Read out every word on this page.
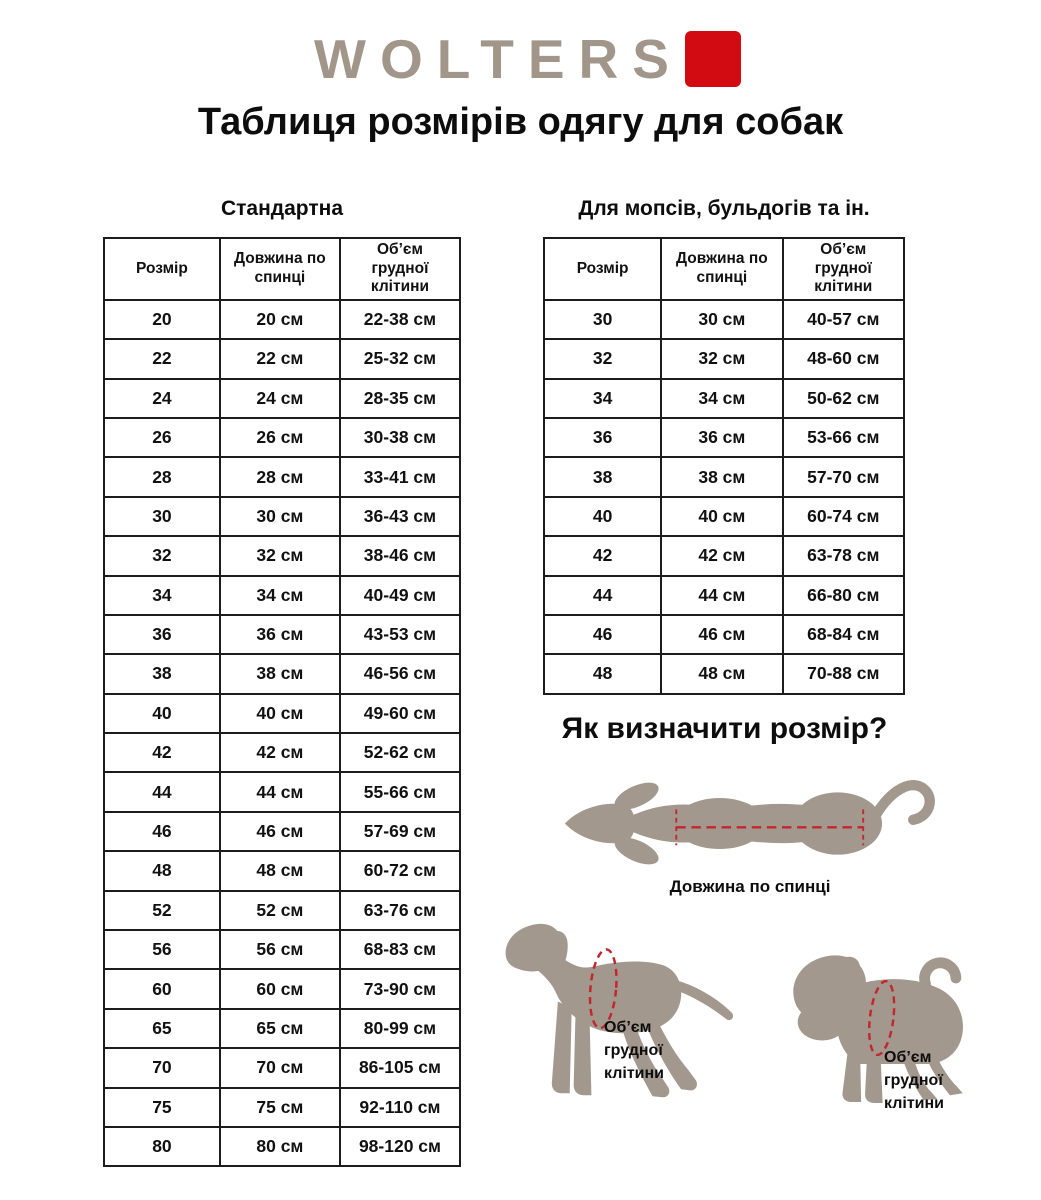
WOLTERS
Таблиця розмірів одягу для собак
Стандартна	Для мопсів, бульдогів та ін.
Розмір	Довжина по спинці	Об’єм грудної клітини
20	20 см	22-38 см
22	22 см	25-32 см
24	24 см	28-35 см
26	26 см	30-38 см
28	28 см	33-41 см
30	30 см	36-43 см
32	32 см	38-46 см
34	34 см	40-49 см
36	36 см	43-53 см
38	38 см	46-56 см
40	40 см	49-60 см
42	42 см	52-62 см
44	44 см	55-66 см
46	46 см	57-69 см
48	48 см	60-72 см
52	52 см	63-76 см
56	56 см	68-83 см
60	60 см	73-90 см
65	65 см	80-99 см
70	70 см	86-105 см
75	75 см	92-110 см
80	80 см	98-120 см
Розмір	Довжина по спинці	Об’єм грудної клітини
30	30 см	40-57 см
32	32 см	48-60 см
34	34 см	50-62 см
36	36 см	53-66 см
38	38 см	57-70 см
40	40 см	60-74 см
42	42 см	63-78 см
44	44 см	66-80 см
46	46 см	68-84 см
48	48 см	70-88 см
Як визначити розмір?
Довжина по спинці
Об’єм
грудної
клітини
Об’єм
грудної
клітини
